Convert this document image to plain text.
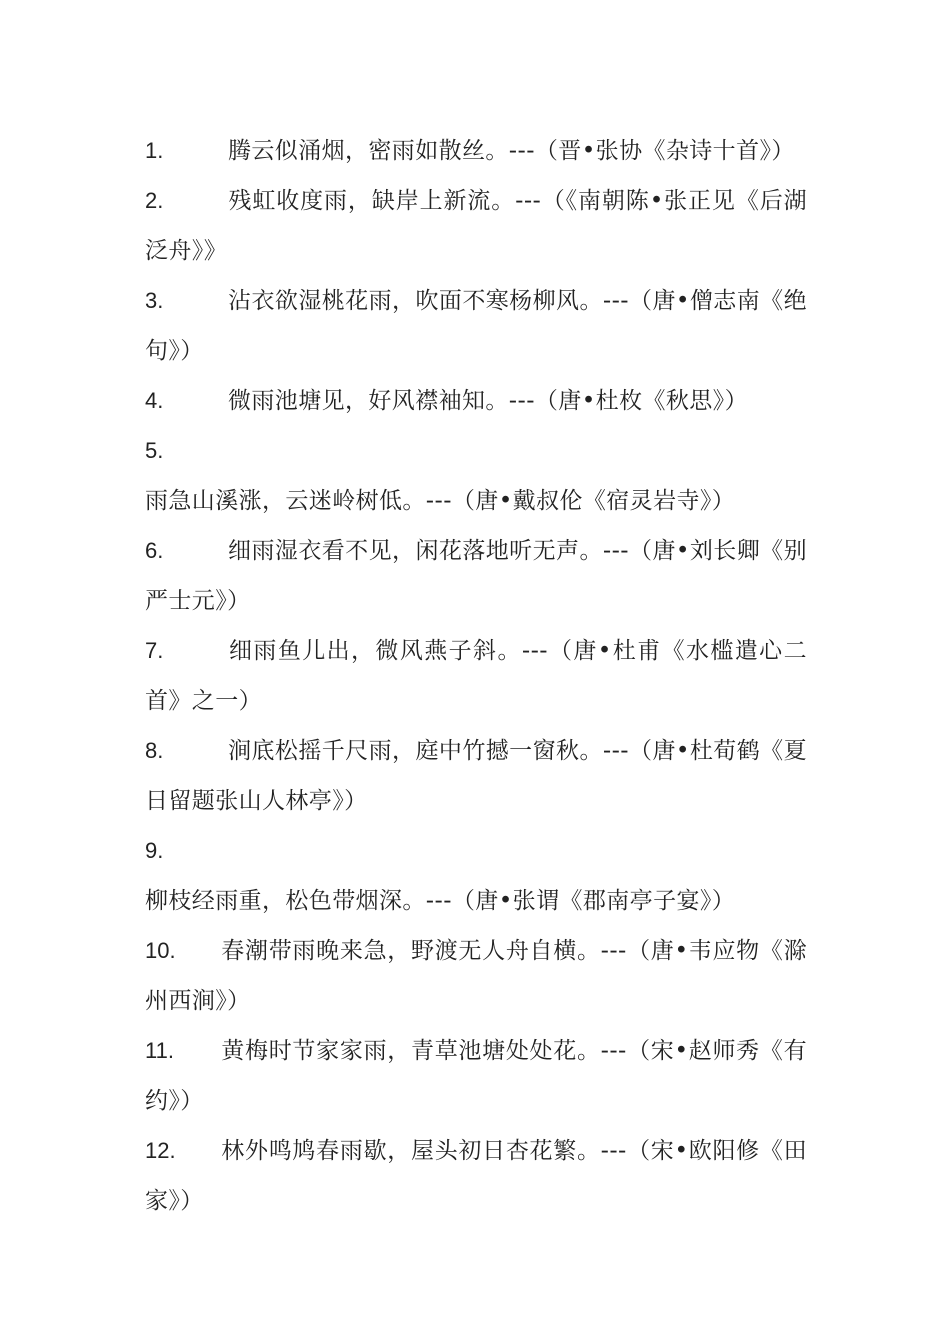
1.	腾云似涌烟，密雨如散丝。---（晋•张协《杂诗十首》）
2.	残虹收度雨，缺岸上新流。---（《南朝陈•张正见《后湖泛舟》》
3.	沾衣欲湿桃花雨，吹面不寒杨柳风。---（唐•僧志南《绝句》）
4.	微雨池塘见，好风襟袖知。---（唐•杜枚《秋思》）
5.雨急山溪涨，云迷岭树低。---（唐•戴叔伦《宿灵岩寺》）
6.	细雨湿衣看不见，闲花落地听无声。---（唐•刘长卿《别严士元》）
7.	细雨鱼儿出，微风燕子斜。---（唐•杜甫《水槛遣心二首》之一）
8.	涧底松摇千尺雨，庭中竹撼一窗秋。---（唐•杜荀鹤《夏日留题张山人林亭》）
9.柳枝经雨重，松色带烟深。---（唐•张谓《郡南亭子宴》）
10. 春潮带雨晚来急，野渡无人舟自横。---（唐•韦应物《滁州西涧》）
11. 黄梅时节家家雨，青草池塘处处花。---（宋•赵师秀《有约》）
12. 林外鸣鸠春雨歇，屋头初日杏花繁。---（宋•欧阳修《田家》）
